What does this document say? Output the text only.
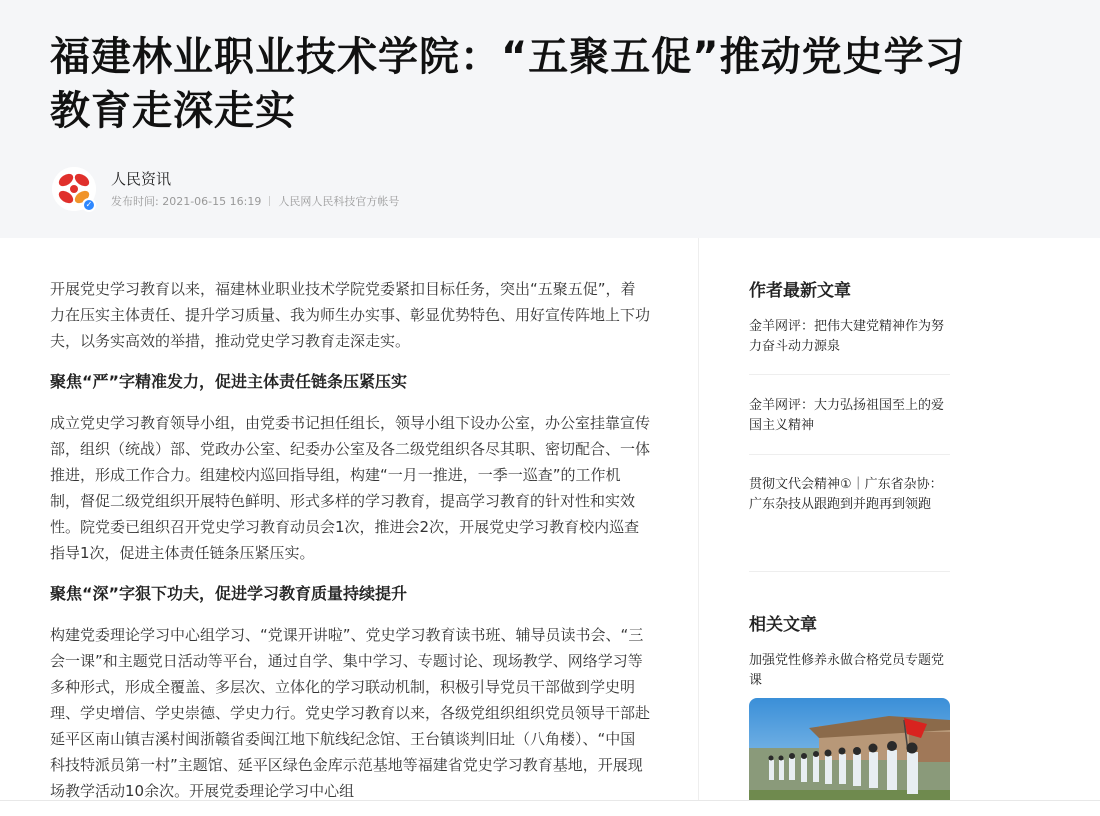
福建林业职业技术学院：“五聚五促”推动党史学习教育走深走实
✓
人民资讯
发布时间: 2021-06-15 16:19 人民网人民科技官方帐号

开展党史学习教育以来，福建林业职业技术学院党委紧扣目标任务，突出“五聚五促”，着力在压实主体责任、提升学习质量、我为师生办实事、彰显优势特色、用好宣传阵地上下功夫，以务实高效的举措，推动党史学习教育走深走实。

聚焦“严”字精准发力，促进主体责任链条压紧压实

成立党史学习教育领导小组，由党委书记担任组长，领导小组下设办公室，办公室挂靠宣传部，组织（统战）部、党政办公室、纪委办公室及各二级党组织各尽其职、密切配合、一体推进，形成工作合力。组建校内巡回指导组，构建“一月一推进，一季一巡查”的工作机制，督促二级党组织开展特色鲜明、形式多样的学习教育，提高学习教育的针对性和实效性。院党委已组织召开党史学习教育动员会1次，推进会2次，开展党史学习教育校内巡查指导1次，促进主体责任链条压紧压实。

聚焦“深”字狠下功夫，促进学习教育质量持续提升

构建党委理论学习中心组学习、“党课开讲啦”、党史学习教育读书班、辅导员读书会、“三会一课”和主题党日活动等平台，通过自学、集中学习、专题讨论、现场教学、网络学习等多种形式，形成全覆盖、多层次、立体化的学习联动机制，积极引导党员干部做到学史明理、学史增信、学史崇德、学史力行。党史学习教育以来，各级党组织组织党员领导干部赴延平区南山镇吉溪村闽浙赣省委闽江地下航线纪念馆、王台镇谈判旧址（八角楼）、“中国科技特派员第一村”主题馆、延平区绿色金库示范基地等福建省党史学习教育基地，开展现场教学活动10余次。开展党委理论学习中心组

作者最新文章
金羊网评：把伟大建党精神作为努力奋斗动力源泉
金羊网评：大力弘扬祖国至上的爱国主义精神
贯彻文代会精神①｜广东省杂协：广东杂技从跟跑到并跑再到领跑
相关文章
加强党性修养永做合格党员专题党课
